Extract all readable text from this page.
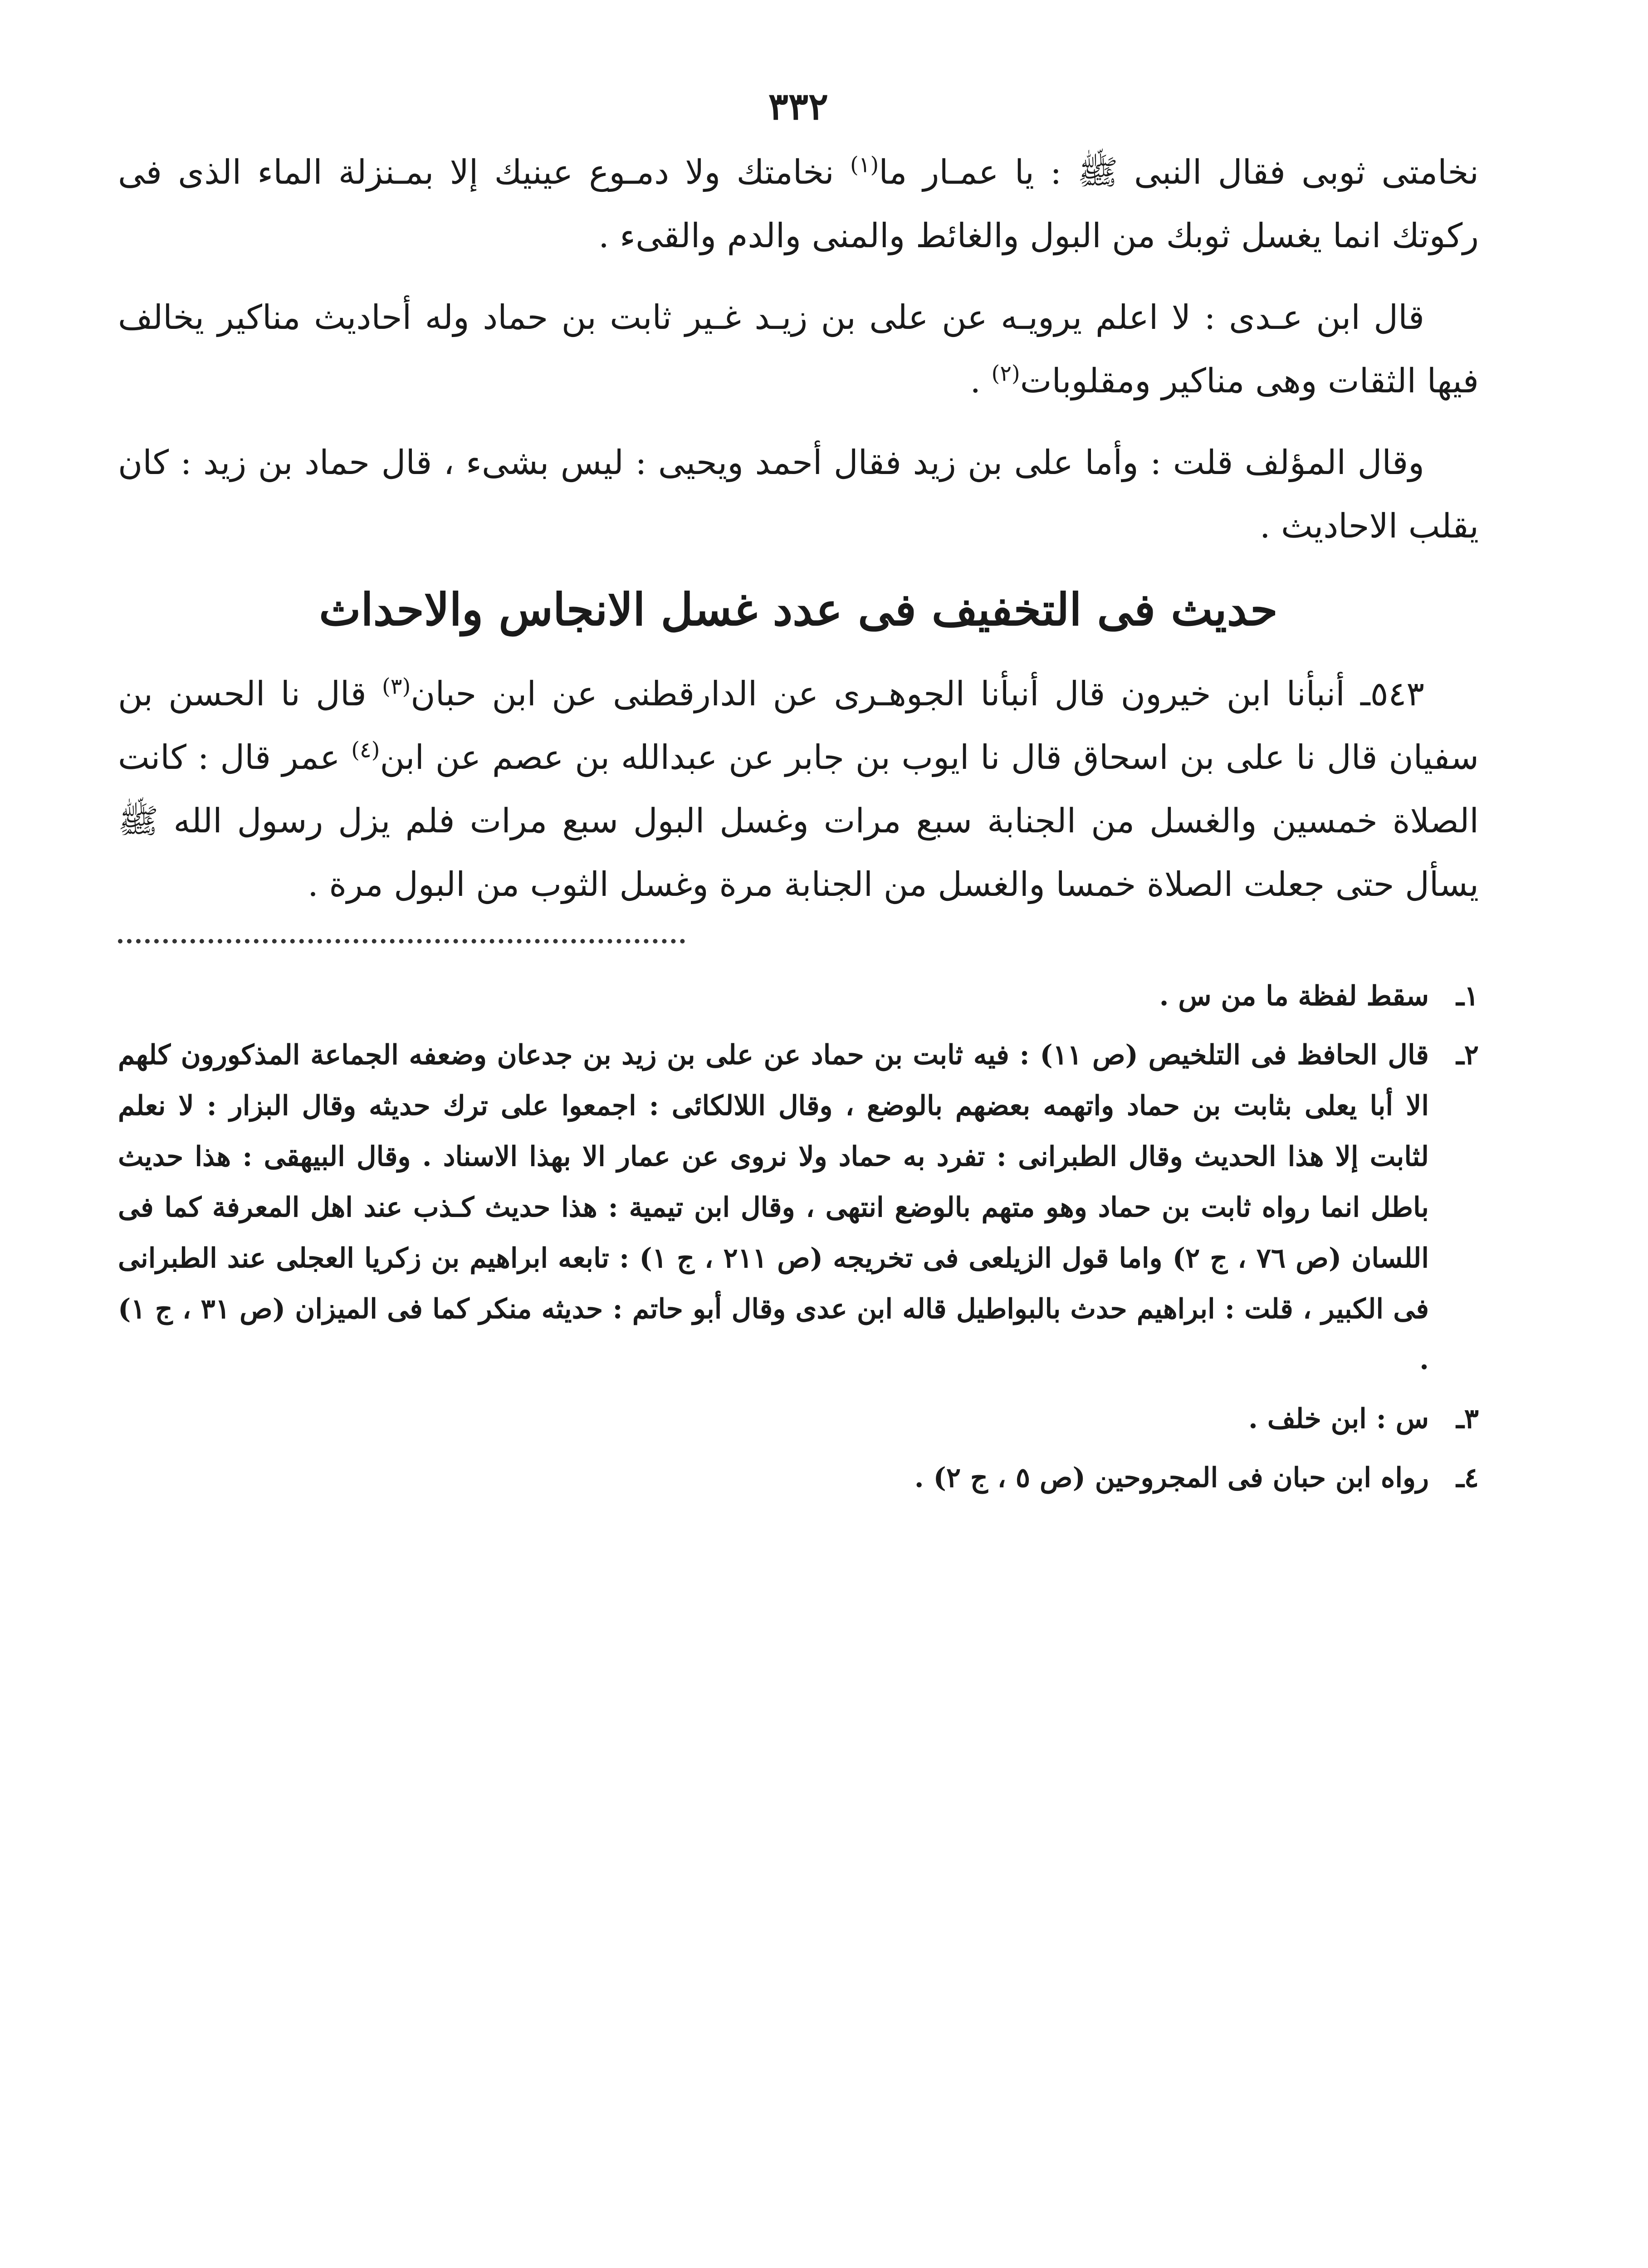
٣٣٢

نخامتى ثوبى فقال النبى ﷺ : يا عمـار ما$^{(١)}$ نخامتك ولا دمـوع عينيك إلا بمـنزلة الماء الذى فى ركوتك انما يغسل ثوبك من البول والغائط والمنى والدم والقىء .

قال ابن عـدى : لا اعلم يرويـه عن على بن زيـد غـير ثابت بن حماد وله أحاديث مناكير يخالف فيها الثقات وهى مناكير ومقلوبات$^{(٢)}$ .

وقال المؤلف قلت : وأما على بن زيد فقال أحمد ويحيى : ليس بشىء ، قال حماد بن زيد : كان يقلب الاحاديث .

حديث فى التخفيف فى عدد غسل الانجاس والاحداث

٥٤٣ـ أنبأنا ابن خيرون قال أنبأنا الجوهـرى عن الدارقطنى عن ابن حبان$^{(٣)}$ قال نا الحسن بن سفيان قال نا على بن اسحاق قال نا ايوب بن جابر عن عبدالله بن عصم عن ابن$^{(٤)}$ عمر قال : كانت الصلاة خمسين والغسل من الجنابة سبع مرات وغسل البول سبع مرات فلم يزل رسول الله ﷺ يسأل حتى جعلت الصلاة خمسا والغسل من الجنابة مرة وغسل الثوب من البول مرة .

١ـ
سقط لفظة ما من س .
٢ـ
قال الحافظ فى التلخيص (ص ١١) : فيه ثابت بن حماد عن على بن زيد بن جدعان وضعفه الجماعة المذكورون كلهم الا أبا يعلى بثابت بن حماد واتهمه بعضهم بالوضع ، وقال اللالكائى : اجمعوا على ترك حديثه وقال البزار : لا نعلم لثابت إلا هذا الحديث وقال الطبرانى : تفرد به حماد ولا نروى عن عمار الا بهذا الاسناد . وقال البيهقى : هذا حديث باطل انما رواه ثابت بن حماد وهو متهم بالوضع انتهى ، وقال ابن تيمية : هذا حديث كـذب عند اهل المعرفة كما فى اللسان (ص ٧٦ ، ج ٢) واما قول الزيلعى فى تخريجه (ص ٢١١ ، ج ١) : تابعه ابراهيم بن زكريا العجلى عند الطبرانى فى الكبير ، قلت : ابراهيم حدث بالبواطيل قاله ابن عدى وقال أبو حاتم : حديثه منكر كما فى الميزان (ص ٣١ ، ج ١) .
٣ـ
س : ابن خلف .
٤ـ
رواه ابن حبان فى المجروحين (ص ٥ ، ج ٢) .
